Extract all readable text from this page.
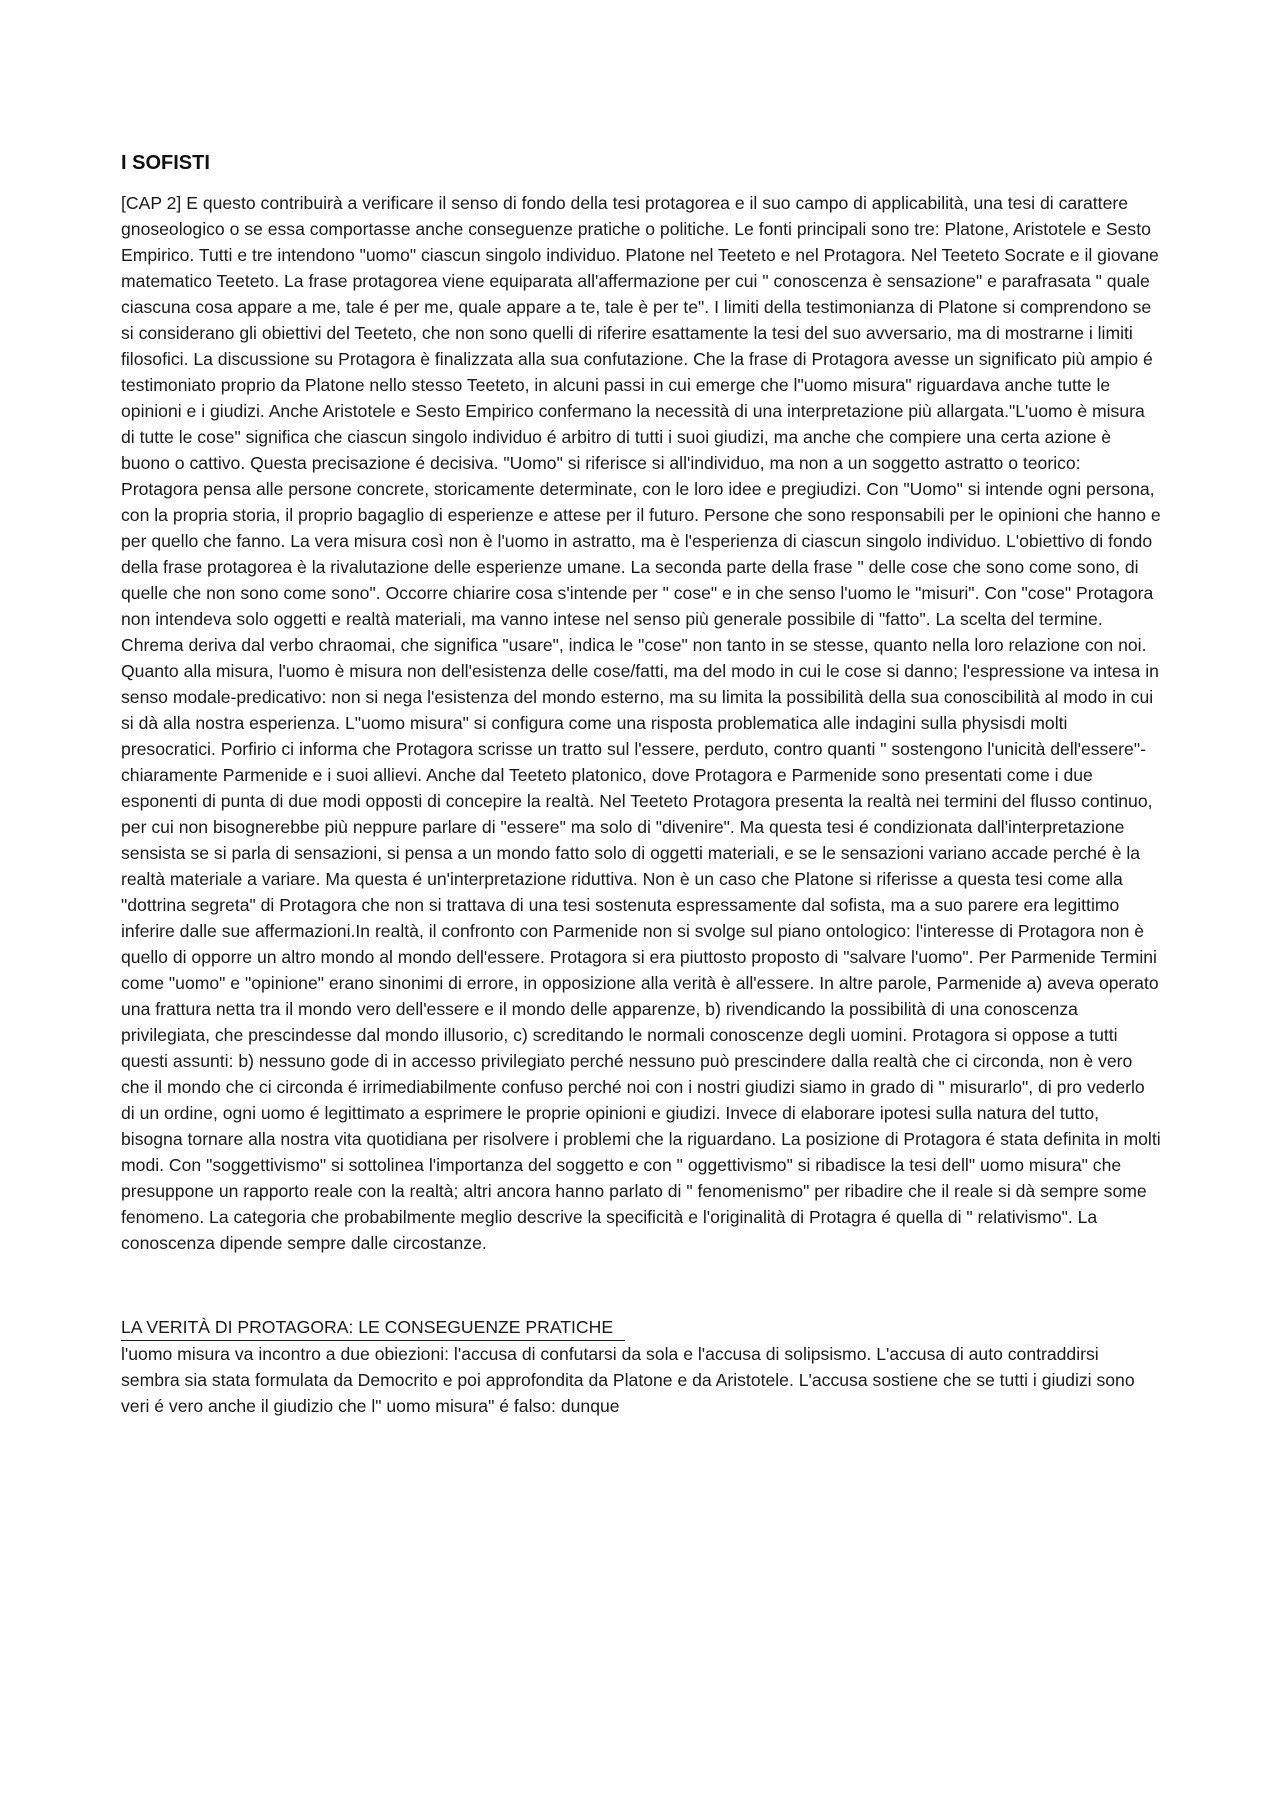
I SOFISTI

[CAP 2] E questo contribuirà a verificare il senso di fondo della tesi protagorea e il suo campo di applicabilità, una tesi di carattere gnoseologico o se essa comportasse anche conseguenze pratiche o politiche. Le fonti principali sono tre: Platone, Aristotele e Sesto Empirico. Tutti e tre intendono "uomo" ciascun singolo individuo. Platone nel Teeteto e nel Protagora. Nel Teeteto Socrate e il giovane matematico Teeteto. La frase protagorea viene equiparata all'affermazione per cui " conoscenza è sensazione" e parafrasata " quale ciascuna cosa appare a me, tale é per me, quale appare a te, tale è per te". I limiti della testimonianza di Platone si comprendono se si considerano gli obiettivi del Teeteto, che non sono quelli di riferire esattamente la tesi del suo avversario, ma di mostrarne i limiti filosofici. La discussione su Protagora è finalizzata alla sua confutazione. Che la frase di Protagora avesse un significato più ampio é testimoniato proprio da Platone nello stesso Teeteto, in alcuni passi in cui emerge che l"uomo misura" riguardava anche tutte le opinioni e i giudizi. Anche Aristotele e Sesto Empirico confermano la necessità di una interpretazione più allargata."L'uomo è misura di tutte le cose" significa che ciascun singolo individuo é arbitro di tutti i suoi giudizi, ma anche che compiere una certa azione è buono o cattivo. Questa precisazione é decisiva. "Uomo" si riferisce si all'individuo, ma non a un soggetto astratto o teorico: Protagora pensa alle persone concrete, storicamente determinate, con le loro idee e pregiudizi. Con "Uomo" si intende ogni persona, con la propria storia, il proprio bagaglio di esperienze e attese per il futuro. Persone che sono responsabili per le opinioni che hanno e per quello che fanno. La vera misura così non è l'uomo in astratto, ma è l'esperienza di ciascun singolo individuo. L'obiettivo di fondo della frase protagorea è la rivalutazione delle esperienze umane. La seconda parte della frase " delle cose che sono come sono, di quelle che non sono come sono". Occorre chiarire cosa s'intende per " cose" e in che senso l'uomo le "misuri". Con "cose" Protagora non intendeva solo oggetti e realtà materiali, ma vanno intese nel senso più generale possibile di "fatto". La scelta del termine. Chrema deriva dal verbo chraomai, che significa "usare", indica le "cose" non tanto in se stesse, quanto nella loro relazione con noi. Quanto alla misura, l'uomo è misura non dell'esistenza delle cose/fatti, ma del modo in cui le cose si danno; l'espressione va intesa in senso modale-predicativo: non si nega l'esistenza del mondo esterno, ma su limita la possibilità della sua conoscibilità al modo in cui si dà alla nostra esperienza. L"uomo misura" si configura come una risposta problematica alle indagini sulla physisdi molti presocratici. Porfirio ci informa che Protagora scrisse un tratto sul l'essere, perduto, contro quanti " sostengono l'unicità dell'essere"- chiaramente Parmenide e i suoi allievi. Anche dal Teeteto platonico, dove Protagora e Parmenide sono presentati come i due esponenti di punta di due modi opposti di concepire la realtà. Nel Teeteto Protagora presenta la realtà nei termini del flusso continuo, per cui non bisognerebbe più neppure parlare di "essere" ma solo di "divenire". Ma questa tesi é condizionata dall'interpretazione sensista se si parla di sensazioni, si pensa a un mondo fatto solo di oggetti materiali, e se le sensazioni variano accade perché è la realtà materiale a variare. Ma questa é un'interpretazione riduttiva. Non è un caso che Platone si riferisse a questa tesi come alla "dottrina segreta" di Protagora che non si trattava di una tesi sostenuta espressamente dal sofista, ma a suo parere era legittimo inferire dalle sue affermazioni.In realtà, il confronto con Parmenide non si svolge sul piano ontologico: l'interesse di Protagora non è quello di opporre un altro mondo al mondo dell'essere. Protagora si era piuttosto proposto di "salvare l'uomo". Per Parmenide Termini come "uomo" e "opinione" erano sinonimi di errore, in opposizione alla verità è all'essere. In altre parole, Parmenide a) aveva operato una frattura netta tra il mondo vero dell'essere e il mondo delle apparenze, b) rivendicando la possibilità di una conoscenza privilegiata, che prescindesse dal mondo illusorio, c) screditando le normali conoscenze degli uomini. Protagora si oppose a tutti questi assunti: b) nessuno gode di in accesso privilegiato perché nessuno può prescindere dalla realtà che ci circonda, non è vero che il mondo che ci circonda é irrimediabilmente confuso perché noi con i nostri giudizi siamo in grado di " misurarlo", di pro vederlo di un ordine, ogni uomo é legittimato a esprimere le proprie opinioni e giudizi. Invece di elaborare ipotesi sulla natura del tutto, bisogna tornare alla nostra vita quotidiana per risolvere i problemi che la riguardano. La posizione di Protagora é stata definita in molti modi. Con "soggettivismo" si sottolinea l'importanza del soggetto e con " oggettivismo" si ribadisce la tesi dell" uomo misura" che presuppone un rapporto reale con la realtà; altri ancora hanno parlato di " fenomenismo" per ribadire che il reale si dà sempre some fenomeno. La categoria che probabilmente meglio descrive la specificità e l'originalità di Protagra é quella di " relativismo". La conoscenza dipende sempre dalle circostanze.

LA VERITÀ DI PROTAGORA: LE CONSEGUENZE PRATICHE

l'uomo misura va incontro a due obiezioni: l'accusa di confutarsi da sola e l'accusa di solipsismo. L'accusa di auto contraddirsi sembra sia stata formulata da Democrito e poi approfondita da Platone e da Aristotele. L'accusa sostiene che se tutti i giudizi sono veri é vero anche il giudizio che l" uomo misura" é falso: dunque
